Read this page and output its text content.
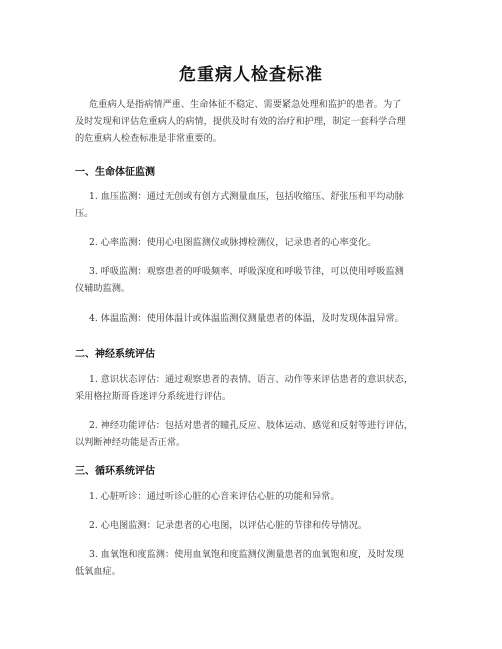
危重病人检查标准

危重病人是指病情严重、生命体征不稳定、需要紧急处理和监护的患者。为了
及时发现和评估危重病人的病情，提供及时有效的治疗和护理，制定一套科学合理
的危重病人检查标准是非常重要的。

一、生命体征监测

1. 血压监测：通过无创或有创方式测量血压，包括收缩压、舒张压和平均动脉
压。

2. 心率监测：使用心电图监测仪或脉搏检测仪，记录患者的心率变化。

3. 呼吸监测：观察患者的呼吸频率、呼吸深度和呼吸节律，可以使用呼吸监测
仪辅助监测。

4. 体温监测：使用体温计或体温监测仪测量患者的体温，及时发现体温异常。

二、神经系统评估

1. 意识状态评估：通过观察患者的表情、语言、动作等来评估患者的意识状态，
采用格拉斯哥昏迷评分系统进行评估。

2. 神经功能评估：包括对患者的瞳孔反应、肢体运动、感觉和反射等进行评估，
以判断神经功能是否正常。

三、循环系统评估

1. 心脏听诊：通过听诊心脏的心音来评估心脏的功能和异常。

2. 心电图监测：记录患者的心电图，以评估心脏的节律和传导情况。

3. 血氧饱和度监测：使用血氧饱和度监测仪测量患者的血氧饱和度，及时发现
低氧血症。
